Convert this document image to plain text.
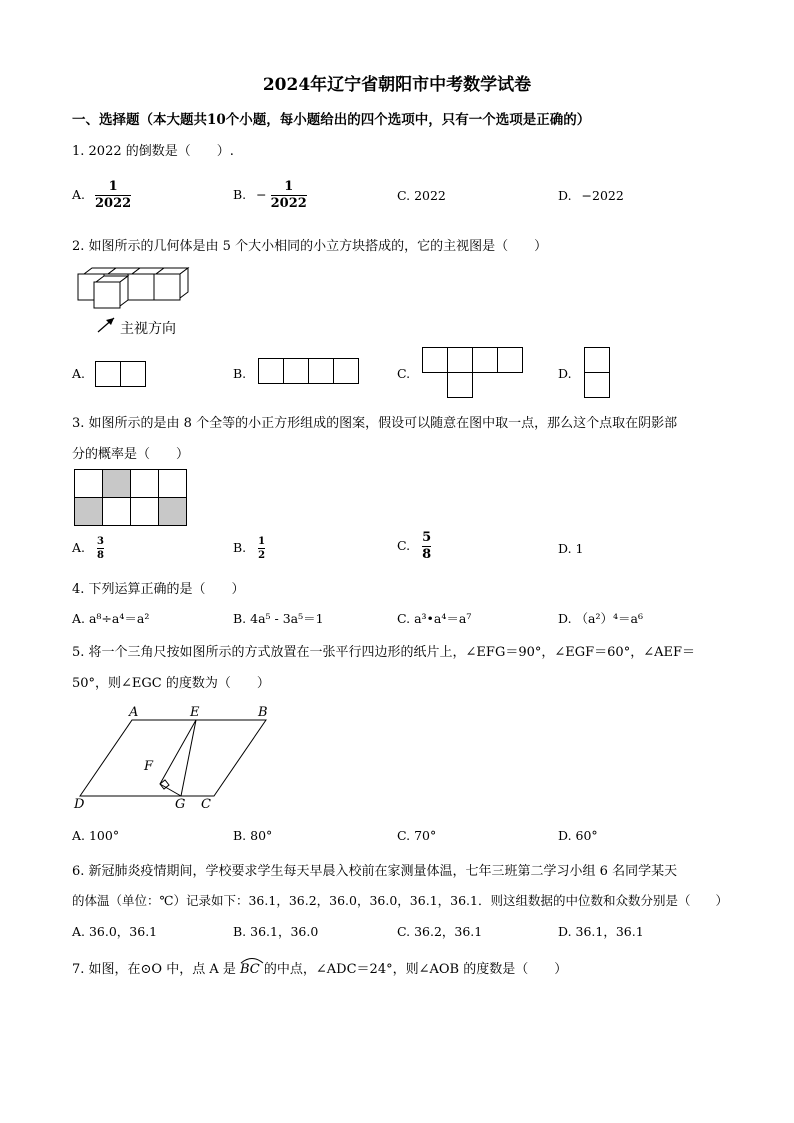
2024年辽宁省朝阳市中考数学试卷
一、选择题（本大题共10个小题，每小题给出的四个选项中，只有一个选项是正确的）
1. 2022 的倒数是（　　）.
A. $\frac{1}{2022}$	B. − $\frac{1}{2022}$	C. 2022	D. −2022
2. 如图所示的几何体是由 5 个大小相同的小立方块搭成的，它的主视图是（　　）
主视方向
A.	B.	C.	D.
3. 如图所示的是由 8 个全等的小正方形组成的图案，假设可以随意在图中取一点，那么这个点取在阴影部
分的概率是（　　）
A. $\frac{3}{8}$	B. $\frac{1}{2}$	C. $\frac{5}{8}$	D. 1
4. 下列运算正确的是（　　）
A. a⁸÷a⁴＝a²	B. 4a⁵ - 3a⁵＝1	C. a³•a⁴＝a⁷	D. （a²）⁴＝a⁶
5. 将一个三角尺按如图所示的方式放置在一张平行四边形的纸片上，∠EFG＝90°，∠EGF＝60°，∠AEF＝
50°，则∠EGC 的度数为（　　）
A	E	B
F
D	G C
A. 100°	B. 80°	C. 70°	D. 60°
6. 新冠肺炎疫情期间，学校要求学生每天早晨入校前在家测量体温，七年三班第二学习小组 6 名同学某天
的体温（单位：℃）记录如下：36.1，36.2，36.0，36.0，36.1，36.1．则这组数据的中位数和众数分别是（　　）
A. 36.0，36.1	B. 36.1，36.0	C. 36.2，36.1	D. 36.1，36.1
7. 如图，在⊙O 中，点 A 是 BC 的中点，∠ADC＝24°，则∠AOB 的度数是（　　）
